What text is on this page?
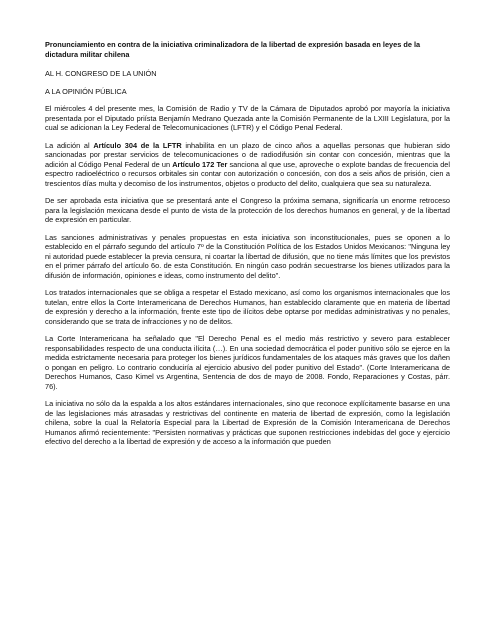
Pronunciamiento en contra de la iniciativa criminalizadora de la libertad de expresión basada en leyes de la dictadura militar chilena

AL H. CONGRESO DE LA UNIÓN

A LA OPINIÓN PÚBLICA

El miércoles 4 del presente mes, la Comisión de Radio y TV de la Cámara de Diputados aprobó por mayoría la iniciativa presentada por el Diputado priísta Benjamín Medrano Quezada ante la Comisión Permanente de la LXIII Legislatura, por la cual se adicionan la Ley Federal de Telecomunicaciones (LFTR) y el Código Penal Federal.

La adición al Artículo 304 de la LFTR inhabilita en un plazo de cinco años a aquellas personas que hubieran sido sancionadas por prestar servicios de telecomunicaciones o de radiodifusión sin contar con concesión, mientras que la adición al Código Penal Federal de un Artículo 172 Ter sanciona al que use, aproveche o explote bandas de frecuencia del espectro radioeléctrico o recursos orbitales sin contar con autorización o concesión, con dos a seis años de prisión, cien a trescientos días multa y decomiso de los instrumentos, objetos o producto del delito, cualquiera que sea su naturaleza.

De ser aprobada esta iniciativa que se presentará ante el Congreso la próxima semana, significaría un enorme retroceso para la legislación mexicana desde el punto de vista de la protección de los derechos humanos en general, y de la libertad de expresión en particular.

Las sanciones administrativas y penales propuestas en esta iniciativa son inconstitucionales, pues se oponen a lo establecido en el párrafo segundo del artículo 7º de la Constitución Política de los Estados Unidos Mexicanos: "Ninguna ley ni autoridad puede establecer la previa censura, ni coartar la libertad de difusión, que no tiene más límites que los previstos en el primer párrafo del artículo 6o. de esta Constitución. En ningún caso podrán secuestrarse los bienes utilizados para la difusión de información, opiniones e ideas, como instrumento del delito".

Los tratados internacionales que se obliga a respetar el Estado mexicano, así como los organismos internacionales que los tutelan, entre ellos la Corte Interamericana de Derechos Humanos, han establecido claramente que en materia de libertad de expresión y derecho a la información, frente este tipo de ilícitos debe optarse por medidas administrativas y no penales, considerando que se trata de infracciones y no de delitos.

La Corte Interamericana ha señalado que "El Derecho Penal es el medio más restrictivo y severo para establecer responsabilidades respecto de una conducta ilícita (…). En una sociedad democrática el poder punitivo sólo se ejerce en la medida estrictamente necesaria para proteger los bienes jurídicos fundamentales de los ataques más graves que los dañen o pongan en peligro. Lo contrario conduciría al ejercicio abusivo del poder punitivo del Estado". (Corte Interamericana de Derechos Humanos, Caso Kimel vs Argentina, Sentencia de dos de mayo de 2008. Fondo, Reparaciones y Costas, párr. 76).

La iniciativa no sólo da la espalda a los altos estándares internacionales, sino que reconoce explícitamente basarse en una de las legislaciones más atrasadas y restrictivas del continente en materia de libertad de expresión, como la legislación chilena, sobre la cual la Relatoría Especial para la Libertad de Expresión de la Comisión Interamericana de Derechos Humanos afirmó recientemente: "Persisten normativas y prácticas que suponen restricciones indebidas del goce y ejercicio efectivo del derecho a la libertad de expresión y de acceso a la información que pueden
